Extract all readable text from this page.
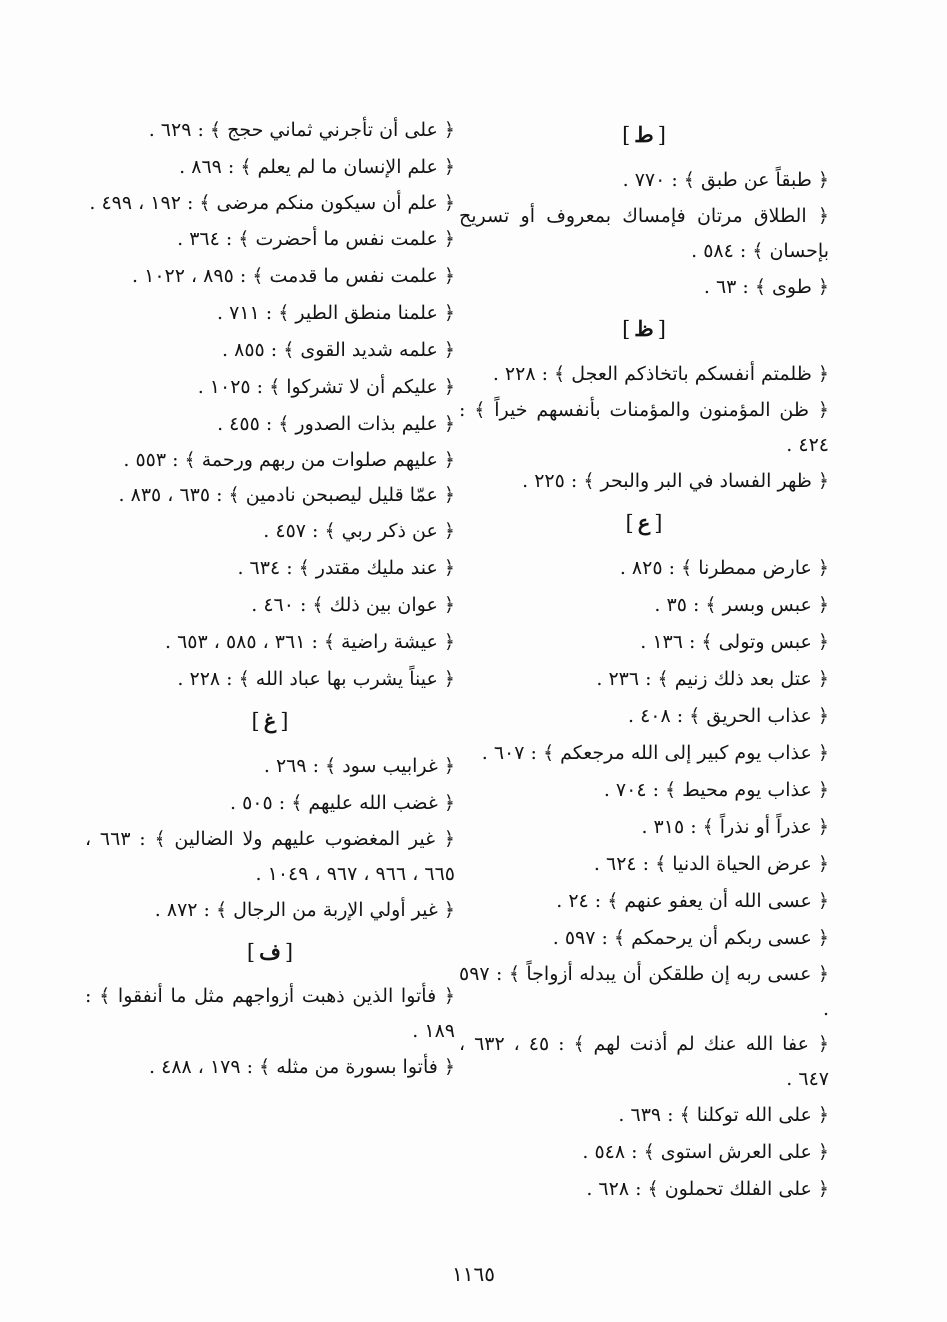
[ط]
﴿ طبقاً عن طبق ﴾ : ٧٧٠ .
﴿ الطلاق مرتان فإمساك بمعروف أو تسريح بإحسان ﴾ : ٥٨٤ .
﴿ طوى ﴾ : ٦٣ .
[ظ]
﴿ ظلمتم أنفسكم باتخاذكم العجل ﴾ : ٢٢٨ .
﴿ ظن المؤمنون والمؤمنات بأنفسهم خيراً ﴾ : ٤٢٤ .
﴿ ظهر الفساد في البر والبحر ﴾ : ٢٢٥ .
[ع]
﴿ عارض ممطرنا ﴾ : ٨٢٥ .
﴿ عبس وبسر ﴾ : ٣٥ .
﴿ عبس وتولى ﴾ : ١٣٦ .
﴿ عتل بعد ذلك زنيم ﴾ : ٢٣٦ .
﴿ عذاب الحريق ﴾ : ٤٠٨ .
﴿ عذاب يوم كبير إلى الله مرجعكم ﴾ : ٦٠٧ .
﴿ عذاب يوم محيط ﴾ : ٧٠٤ .
﴿ عذراً أو نذراً ﴾ : ٣١٥ .
﴿ عرض الحياة الدنيا ﴾ : ٦٢٤ .
﴿ عسى الله أن يعفو عنهم ﴾ : ٢٤ .
﴿ عسى ربكم أن يرحمكم ﴾ : ٥٩٧ .
﴿ عسى ربه إن طلقكن أن يبدله أزواجاً ﴾ : ٥٩٧ .
﴿ عفا الله عنك لم أذنت لهم ﴾ : ٤٥ ، ٦٣٢ ، ٦٤٧ .
﴿ على الله توكلنا ﴾ : ٦٣٩ .
﴿ على العرش استوى ﴾ : ٥٤٨ .
﴿ على الفلك تحملون ﴾ : ٦٢٨ .
﴿ على أن تأجرني ثماني حجج ﴾ : ٦٢٩ .
﴿ علم الإنسان ما لم يعلم ﴾ : ٨٦٩ .
﴿ علم أن سيكون منكم مرضى ﴾ : ١٩٢ ، ٤٩٩ .
﴿ علمت نفس ما أحضرت ﴾ : ٣٦٤ .
﴿ علمت نفس ما قدمت ﴾ : ٨٩٥ ، ١٠٢٢ .
﴿ علمنا منطق الطير ﴾ : ٧١١ .
﴿ علمه شديد القوى ﴾ : ٨٥٥ .
﴿ عليكم أن لا تشركوا ﴾ : ١٠٢٥ .
﴿ عليم بذات الصدور ﴾ : ٤٥٥ .
﴿ عليهم صلوات من ربهم ورحمة ﴾ : ٥٥٣ .
﴿ عمّا قليل ليصبحن نادمين ﴾ : ٦٣٥ ، ٨٣٥ .
﴿ عن ذكر ربي ﴾ : ٤٥٧ .
﴿ عند مليك مقتدر ﴾ : ٦٣٤ .
﴿ عوان بين ذلك ﴾ : ٤٦٠ .
﴿ عيشة راضية ﴾ : ٣٦١ ، ٥٨٥ ، ٦٥٣ .
﴿ عيناً يشرب بها عباد الله ﴾ : ٢٢٨ .
[غ]
﴿ غرابيب سود ﴾ : ٢٦٩ .
﴿ غضب الله عليهم ﴾ : ٥٠٥ .
﴿ غير المغضوب عليهم ولا الضالين ﴾ : ٦٦٣ ، ٦٦٥ ، ٩٦٦ ، ٩٦٧ ، ١٠٤٩ .
﴿ غير أولي الإربة من الرجال ﴾ : ٨٧٢ .
[ف]
﴿ فأتوا الذين ذهبت أزواجهم مثل ما أنفقوا ﴾ : ١٨٩ .
﴿ فأتوا بسورة من مثله ﴾ : ١٧٩ ، ٤٨٨ .
١١٦٥
